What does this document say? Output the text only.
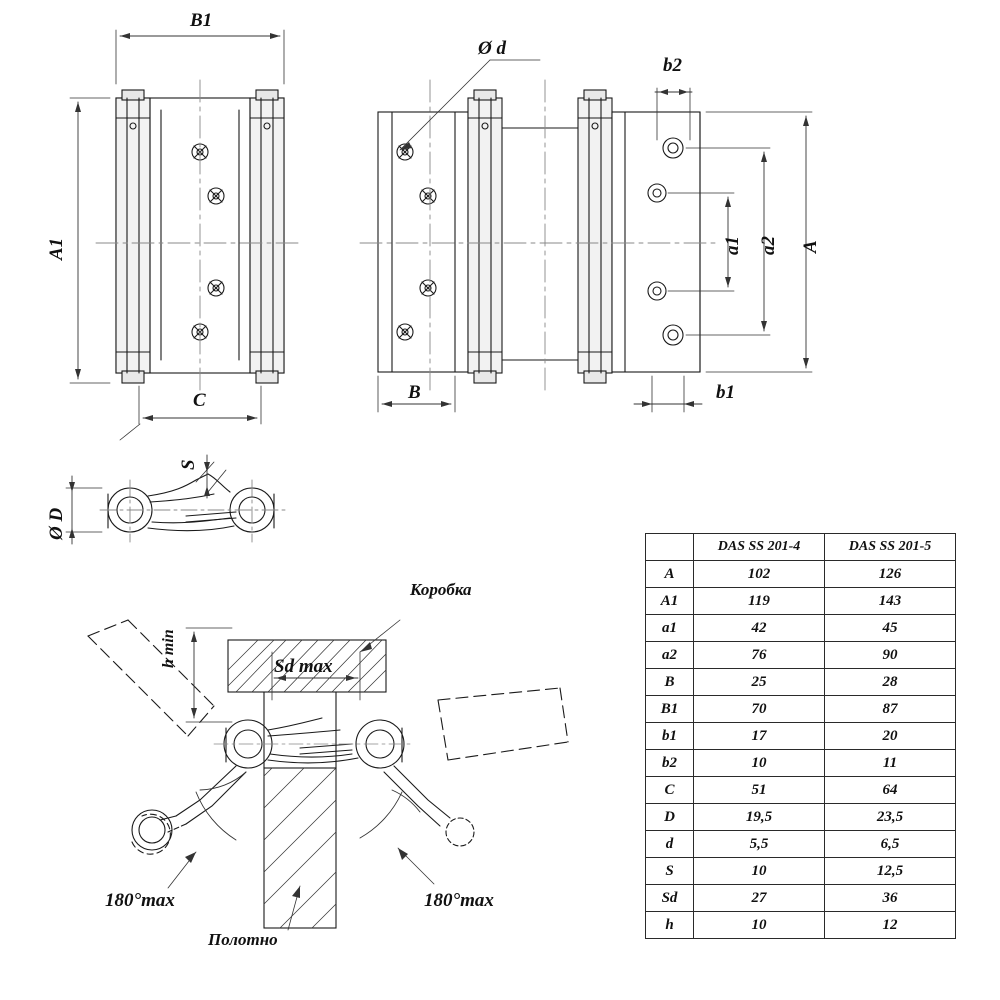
B1
A1
C
Ø d
b2
a1 a2 A
B	b1
S
Ø D
h min	Sd max
Коробка
Полотно
180°max	180°max
	DAS SS 201-4	DAS SS 201-5
A	102	126
A1	119	143
a1	42	45
a2	76	90
B	25	28
B1	70	87
b1	17	20
b2	10	11
C	51	64
D	19,5	23,5
d	5,5	6,5
S	10	12,5
Sd	27	36
h	10	12
